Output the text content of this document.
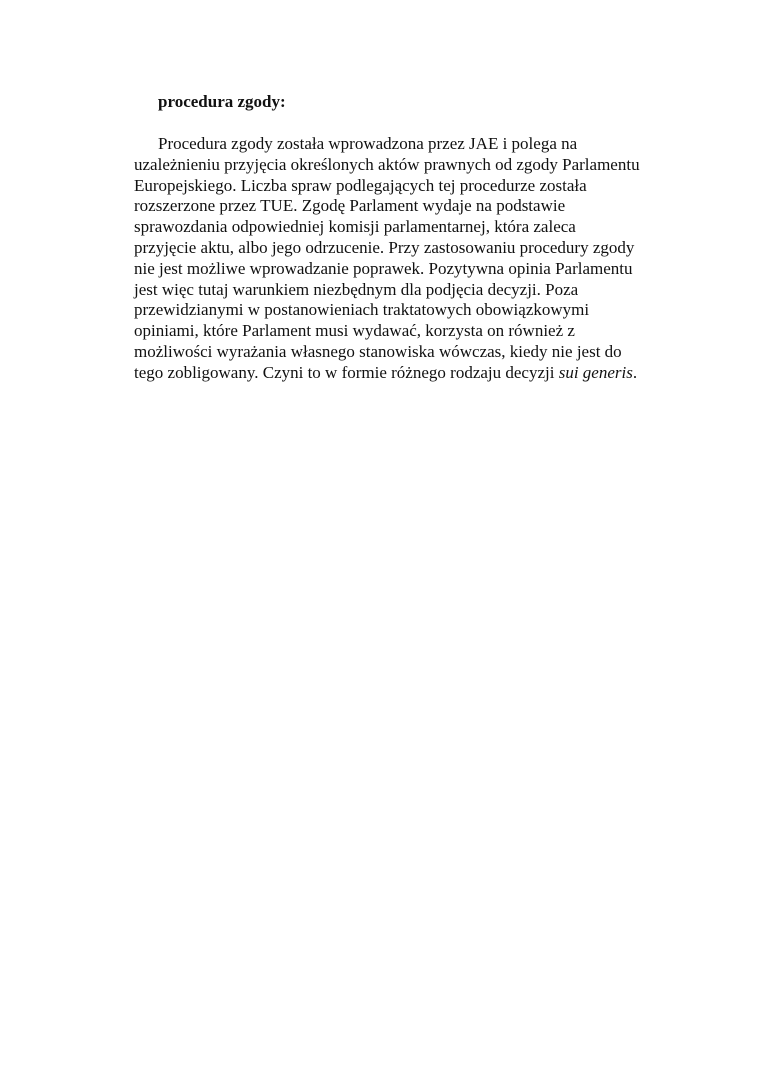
procedura zgody:
Procedura zgody została wprowadzona przez JAE i polega na
uzależnieniu przyjęcia określonych aktów prawnych od zgody Parlamentu
Europejskiego. Liczba spraw podlegających tej procedurze została
rozszerzone przez TUE. Zgodę Parlament wydaje na podstawie
sprawozdania odpowiedniej komisji parlamentarnej, która zaleca
przyjęcie aktu, albo jego odrzucenie. Przy zastosowaniu procedury zgody
nie jest możliwe wprowadzanie poprawek. Pozytywna opinia Parlamentu
jest więc tutaj warunkiem niezbędnym dla podjęcia decyzji. Poza
przewidzianymi w postanowieniach traktatowych obowiązkowymi
opiniami, które Parlament musi wydawać, korzysta on również z
możliwości wyrażania własnego stanowiska wówczas, kiedy nie jest do
tego zobligowany. Czyni to w formie różnego rodzaju decyzji sui generis.
